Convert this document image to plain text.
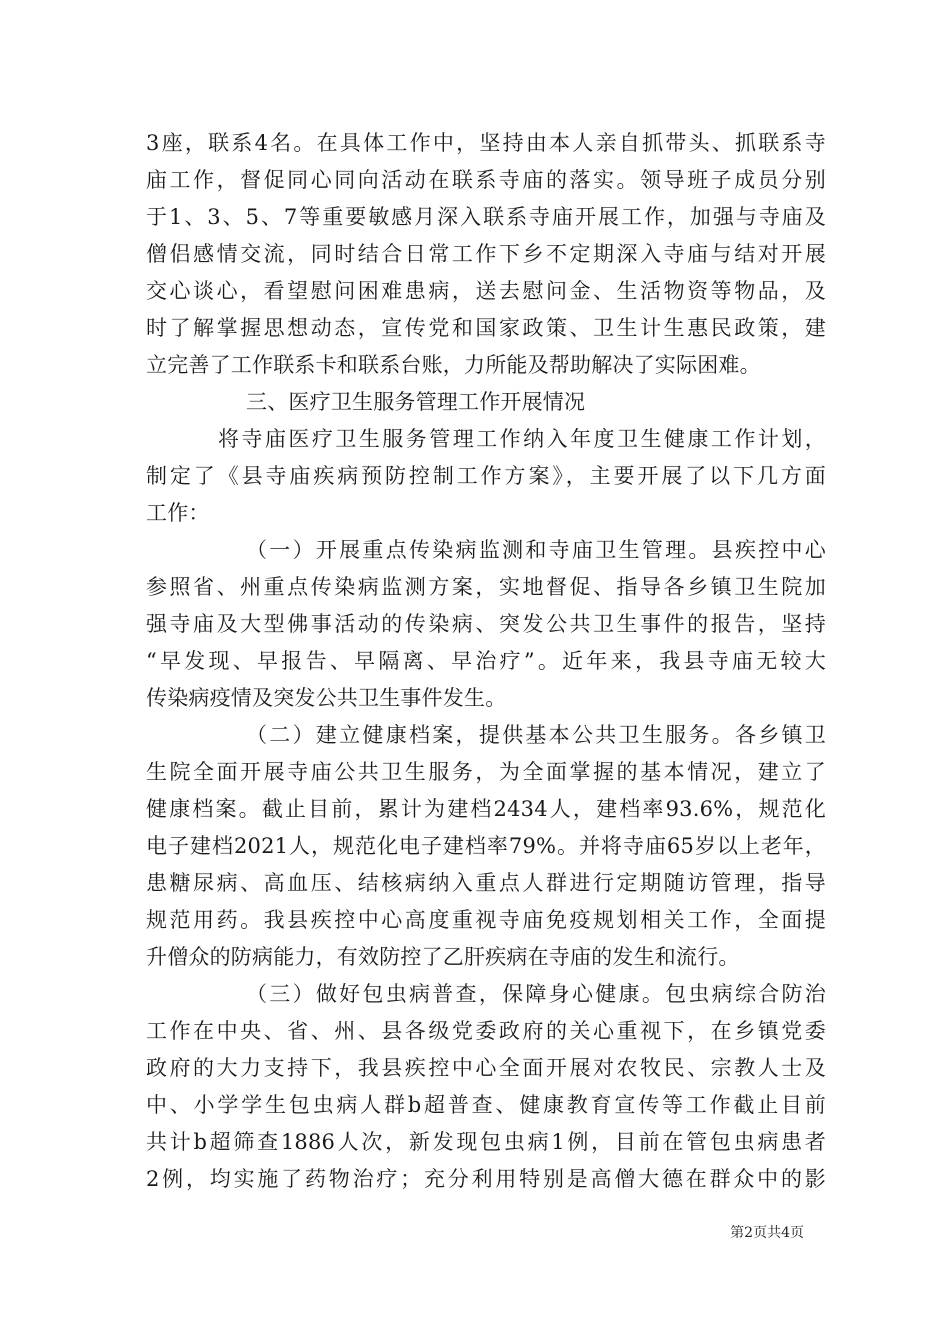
3座，联系4名。在具体工作中，坚持由本人亲自抓带头、抓联系寺
庙工作，督促同心同向活动在联系寺庙的落实。领导班子成员分别
于1、3、5、7等重要敏感月深入联系寺庙开展工作，加强与寺庙及
僧侣感情交流，同时结合日常工作下乡不定期深入寺庙与结对开展
交心谈心，看望慰问困难患病，送去慰问金、生活物资等物品，及
时了解掌握思想动态，宣传党和国家政策、卫生计生惠民政策，建
立完善了工作联系卡和联系台账，力所能及帮助解决了实际困难。
三、医疗卫生服务管理工作开展情况
将寺庙医疗卫生服务管理工作纳入年度卫生健康工作计划，
制定了《县寺庙疾病预防控制工作方案》，主要开展了以下几方面
工作：
（一）开展重点传染病监测和寺庙卫生管理。县疾控中心
参照省、州重点传染病监测方案，实地督促、指导各乡镇卫生院加
强寺庙及大型佛事活动的传染病、突发公共卫生事件的报告，坚持
“早发现、早报告、早隔离、早治疗”。近年来，我县寺庙无较大
传染病疫情及突发公共卫生事件发生。
（二）建立健康档案，提供基本公共卫生服务。各乡镇卫
生院全面开展寺庙公共卫生服务，为全面掌握的基本情况，建立了
健康档案。截止目前，累计为建档2434人，建档率93.6%，规范化
电子建档2021人，规范化电子建档率79%。并将寺庙65岁以上老年，
患糖尿病、高血压、结核病纳入重点人群进行定期随访管理，指导
规范用药。我县疾控中心高度重视寺庙免疫规划相关工作，全面提
升僧众的防病能力，有效防控了乙肝疾病在寺庙的发生和流行。
（三）做好包虫病普查，保障身心健康。包虫病综合防治
工作在中央、省、州、县各级党委政府的关心重视下，在乡镇党委
政府的大力支持下，我县疾控中心全面开展对农牧民、宗教人士及
中、小学学生包虫病人群b超普查、健康教育宣传等工作截止目前
共计b超筛查1886人次，新发现包虫病1例，目前在管包虫病患者
2例，均实施了药物治疗；充分利用特别是高僧大德在群众中的影
第2页共4页
